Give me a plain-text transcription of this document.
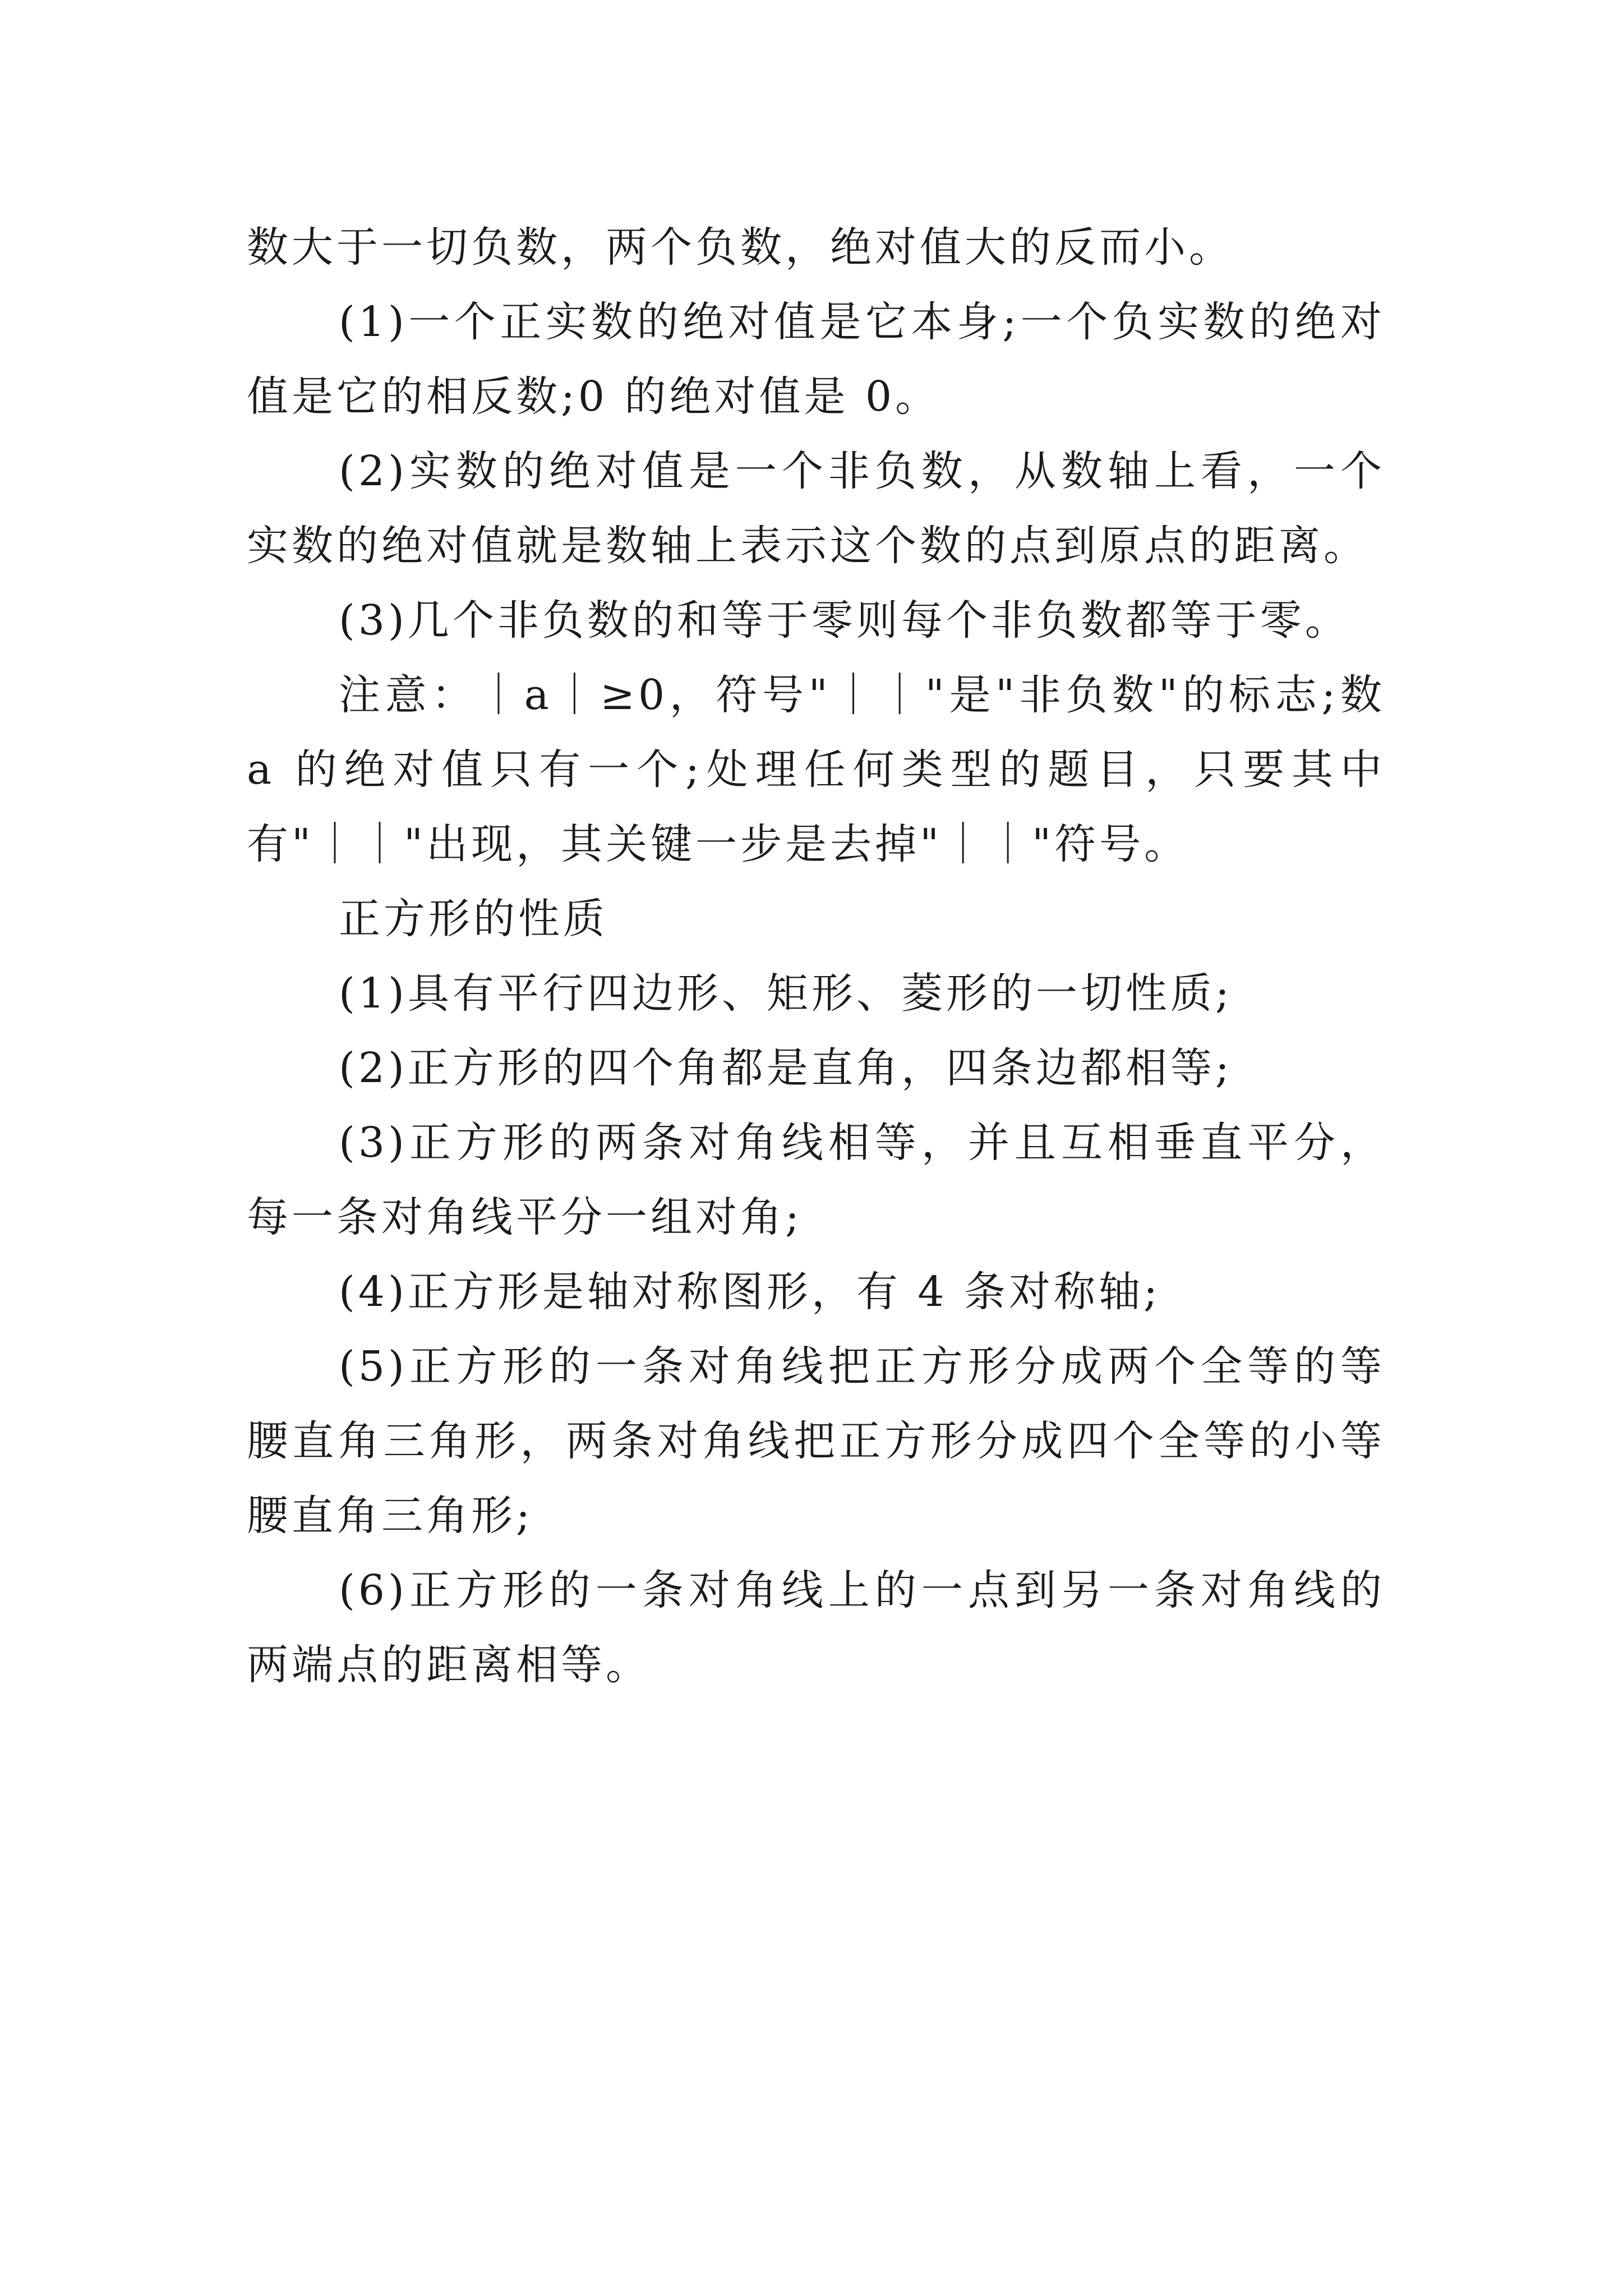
数大于一切负数，两个负数，绝对值大的反而小。

(1)一个正实数的绝对值是它本身;一个负实数的绝对值是它的相反数;0 的绝对值是 0。

(2)实数的绝对值是一个非负数，从数轴上看，一个实数的绝对值就是数轴上表示这个数的点到原点的距离。

(3)几个非负数的和等于零则每个非负数都等于零。

注意：｜a｜≥0，符号"｜｜"是"非负数"的标志;数 a 的绝对值只有一个;处理任何类型的题目，只要其中有"｜｜"出现，其关键一步是去掉"｜｜"符号。

正方形的性质

(1)具有平行四边形、矩形、菱形的一切性质;

(2)正方形的四个角都是直角，四条边都相等;

(3)正方形的两条对角线相等，并且互相垂直平分，每一条对角线平分一组对角;

(4)正方形是轴对称图形，有 4 条对称轴;

(5)正方形的一条对角线把正方形分成两个全等的等腰直角三角形，两条对角线把正方形分成四个全等的小等腰直角三角形;

(6)正方形的一条对角线上的一点到另一条对角线的两端点的距离相等。
